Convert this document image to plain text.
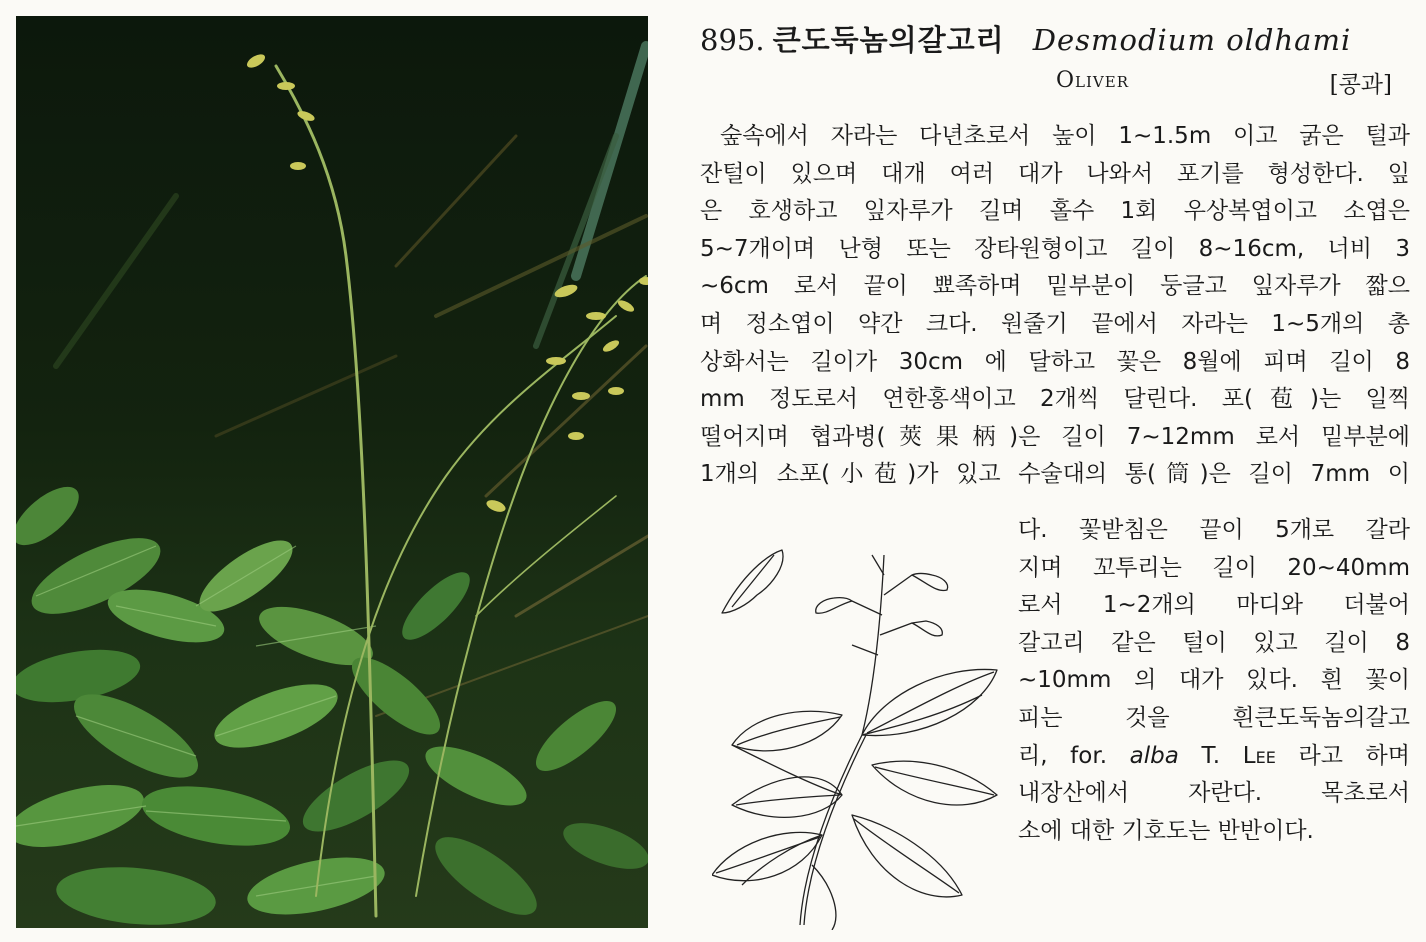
895. 큰도둑놈의갈고리 Desmodium oldhami
Oliver	[콩과]
숲속에서 자라는 다년초로서 높이 1~1.5m 이고 굵은 털과
잔털이 있으며 대개 여러 대가 나와서 포기를 형성한다. 잎
은 호생하고 잎자루가 길며 홀수 1회 우상복엽이고 소엽은
5~7개이며 난형 또는 장타원형이고 길이 8~16cm, 너비 3
~6cm 로서 끝이 뾰족하며 밑부분이 둥글고 잎자루가 짧으
며 정소엽이 약간 크다. 원줄기 끝에서 자라는 1~5개의 총
상화서는 길이가 30cm 에 달하고 꽃은 8월에 피며 길이 8
mm 정도로서 연한홍색이고 2개씩 달린다. 포(苞)는 일찍
떨어지며 협과병(莢果柄)은 길이 7~12mm 로서 밑부분에
1개의 소포(小苞)가 있고 수술대의 통(筒)은 길이 7mm 이
다. 꽃받침은 끝이 5개로 갈라
지며 꼬투리는 길이 20~40mm
로서 1~2개의 마디와 더불어
갈고리 같은 털이 있고 길이 8
~10mm 의 대가 있다. 흰 꽃이
피는 것을 흰큰도둑놈의갈고
리, for. alba T. Lee 라고 하며
내장산에서 자란다. 목초로서
소에 대한 기호도는 반반이다.
